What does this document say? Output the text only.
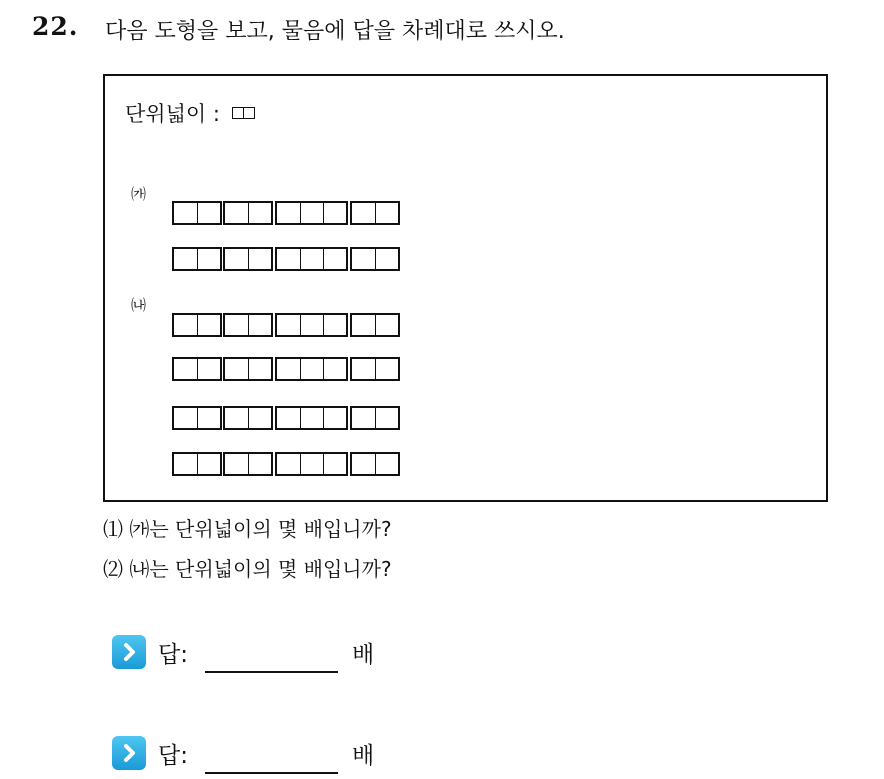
22. 다음 도형을 보고, 물음에 답을 차례대로 쓰시오.
단위넓이 :
㈎
㈏
⑴ ㈎는 단위넓이의 몇 배입니까?
⑵ ㈏는 단위넓이의 몇 배입니까?
답:	배
답:	배
